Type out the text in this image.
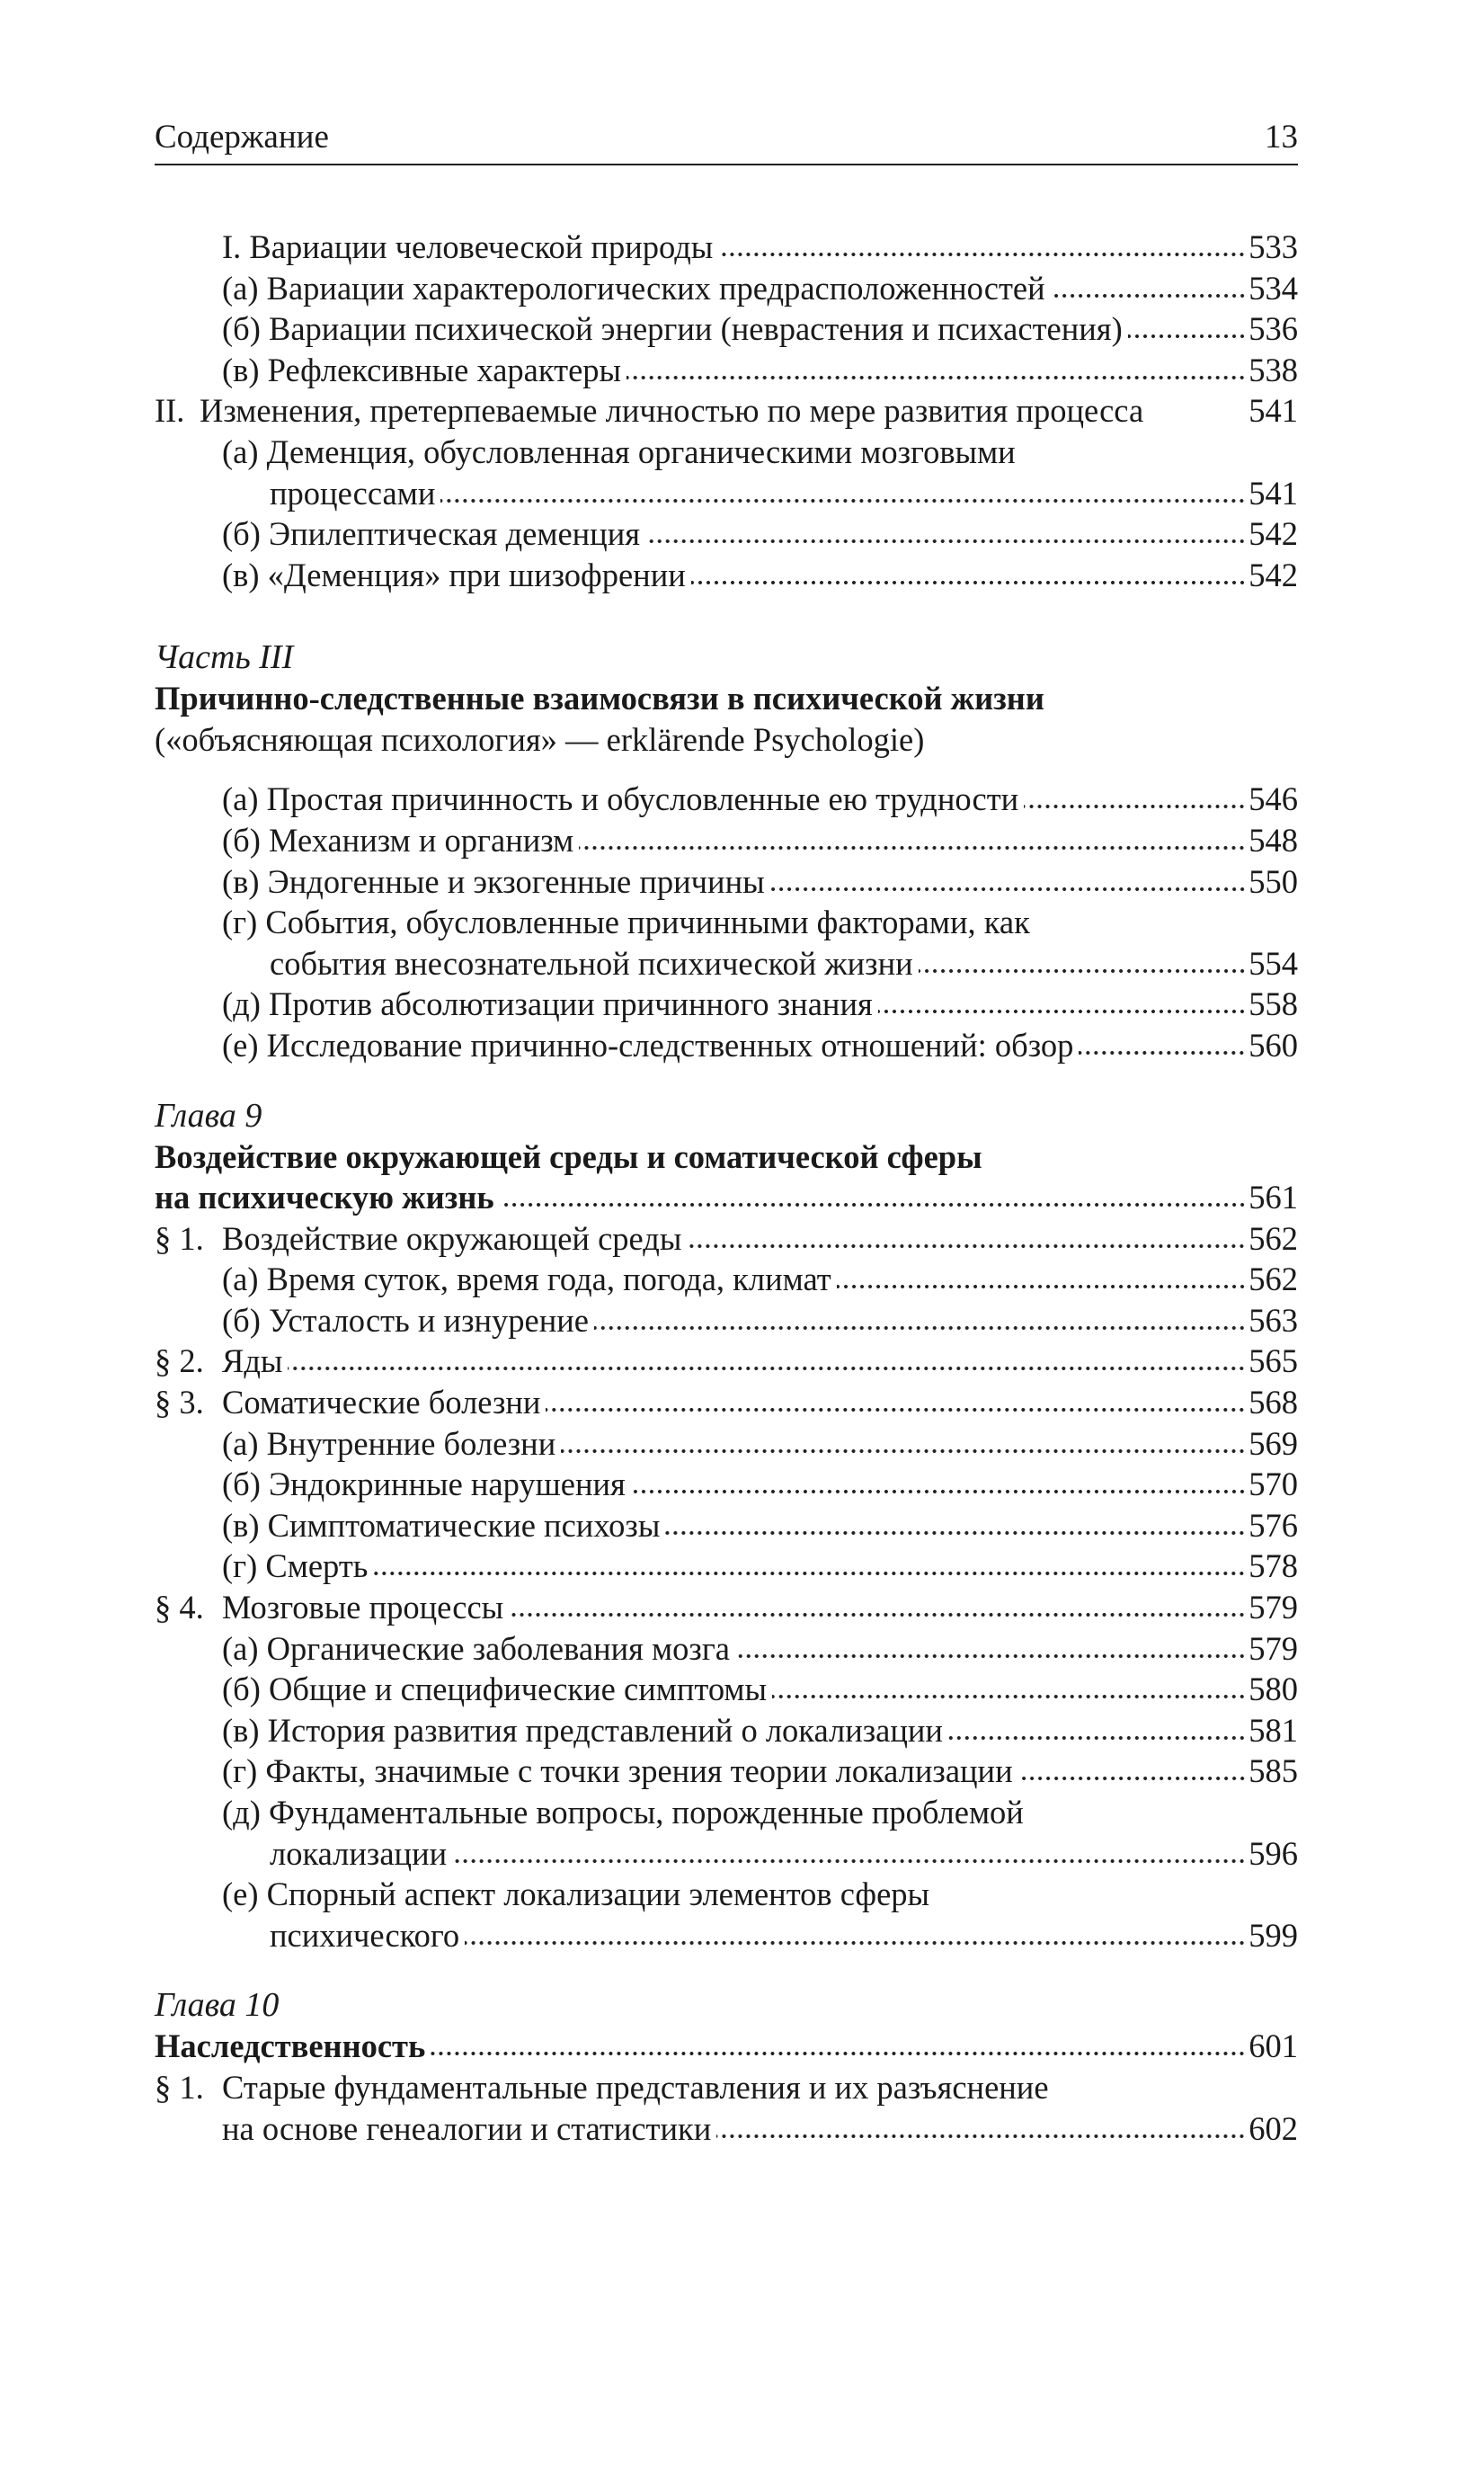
Содержание	13
I. Вариации человеческой природы	533
(а) Вариации характерологических предрасположенностей	534
(б) Вариации психической энергии (неврастения и психастения)	536
(в) Рефлексивные характеры	538
II. Изменения, претерпеваемые личностью по мере развития процесса	541
(а) Деменция, обусловленная органическими мозговыми
процессами	541
(б) Эпилептическая деменция	542
(в) «Деменция» при шизофрении	542
Часть III
Причинно-следственные взаимосвязи в психической жизни
(«объясняющая психология» — erklärende Psychologie)
(а) Простая причинность и обусловленные ею трудности	546
(б) Механизм и организм	548
(в) Эндогенные и экзогенные причины	550
(г) События, обусловленные причинными факторами, как
события внесознательной психической жизни	554
(д) Против абсолютизации причинного знания	558
(е) Исследование причинно-следственных отношений: обзор	560
Глава 9
Воздействие окружающей среды и соматической сферы
на психическую жизнь	561
§ 1. Воздействие окружающей среды	562
(а) Время суток, время года, погода, климат	562
(б) Усталость и изнурение	563
§ 2. Яды	565
§ 3. Соматические болезни	568
(а) Внутренние болезни	569
(б) Эндокринные нарушения	570
(в) Симптоматические психозы	576
(г) Смерть	578
§ 4. Мозговые процессы	579
(а) Органические заболевания мозга	579
(б) Общие и специфические симптомы	580
(в) История развития представлений о локализации	581
(г) Факты, значимые с точки зрения теории локализации	585
(д) Фундаментальные вопросы, порожденные проблемой
локализации	596
(е) Спорный аспект локализации элементов сферы
психического	599
Глава 10
Наследственность	601
§ 1. Старые фундаментальные представления и их разъяснение
на основе генеалогии и статистики	602
